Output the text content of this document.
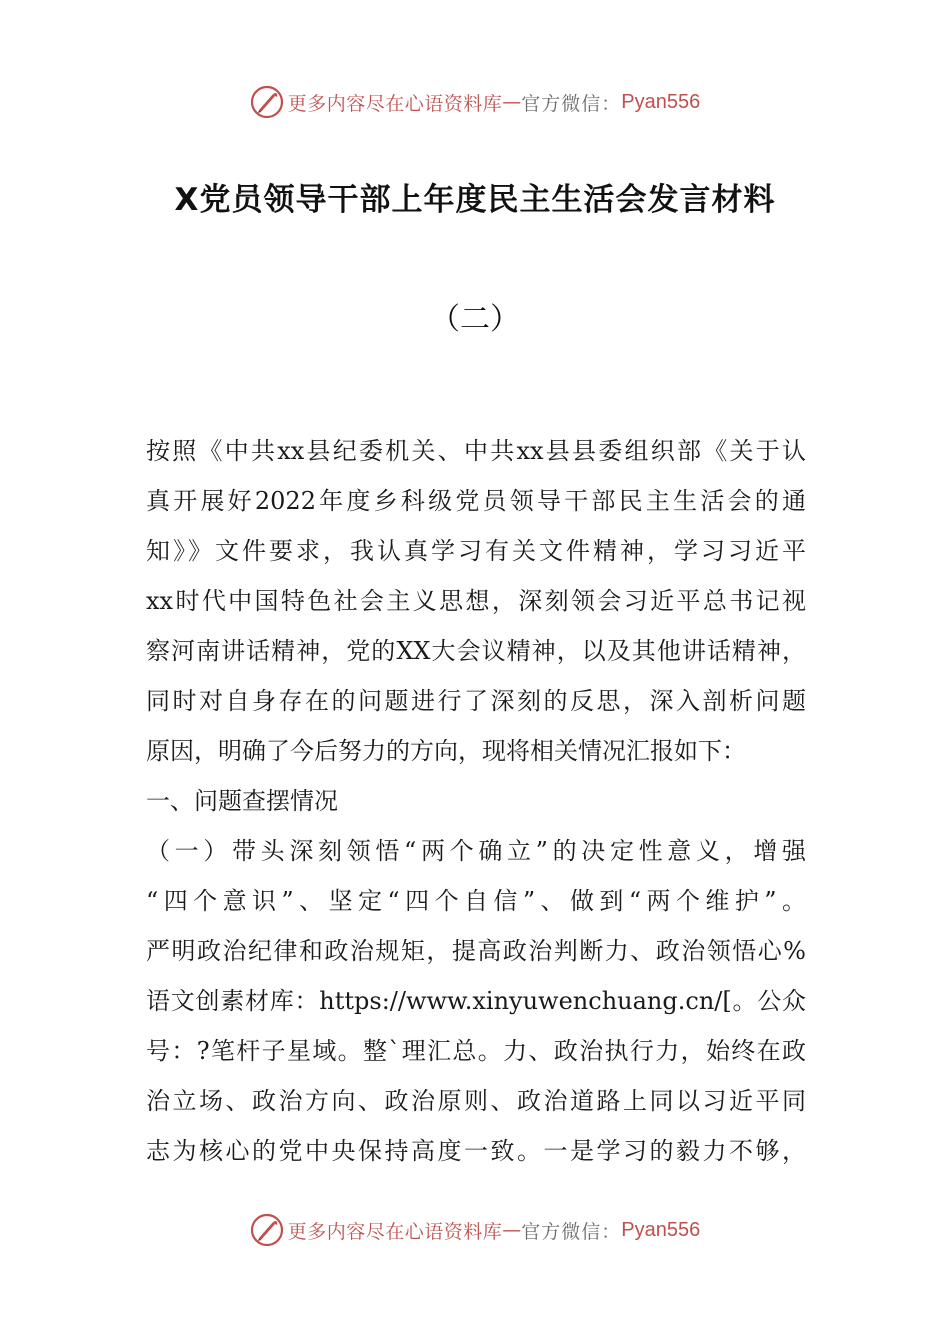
更多内容尽在心语资料库 — 官方微信： Pyan556
X党员领导干部上年度民主生活会发言材料
（二）
按照《中共xx县纪委机关、中共xx县县委组织部《关于认
真开展好2022年度乡科级党员领导干部民主生活会的通
知》》文件要求，我认真学习有关文件精神，学习习近平
xx时代中国特色社会主义思想，深刻领会习近平总书记视
察河南讲话精神，党的XX大会议精神，以及其他讲话精神，
同时对自身存在的问题进行了深刻的反思，深入剖析问题
原因，明确了今后努力的方向，现将相关情况汇报如下：
一、问题查摆情况
（一）带头深刻领悟“两个确立”的决定性意义，增强
“四个意识”、坚定“四个自信”、做到“两个维护”。
严明政治纪律和政治规矩，提高政治判断力、政治领悟心%
语文创素材库：https://www.xinyuwenchuang.cn/[。公众
号：?笔杆子星域。整`理汇总。力、政治执行力，始终在政
治立场、政治方向、政治原则、政治道路上同以习近平同
志为核心的党中央保持高度一致。一是学习的毅力不够，
更多内容尽在心语资料库 — 官方微信： Pyan556
